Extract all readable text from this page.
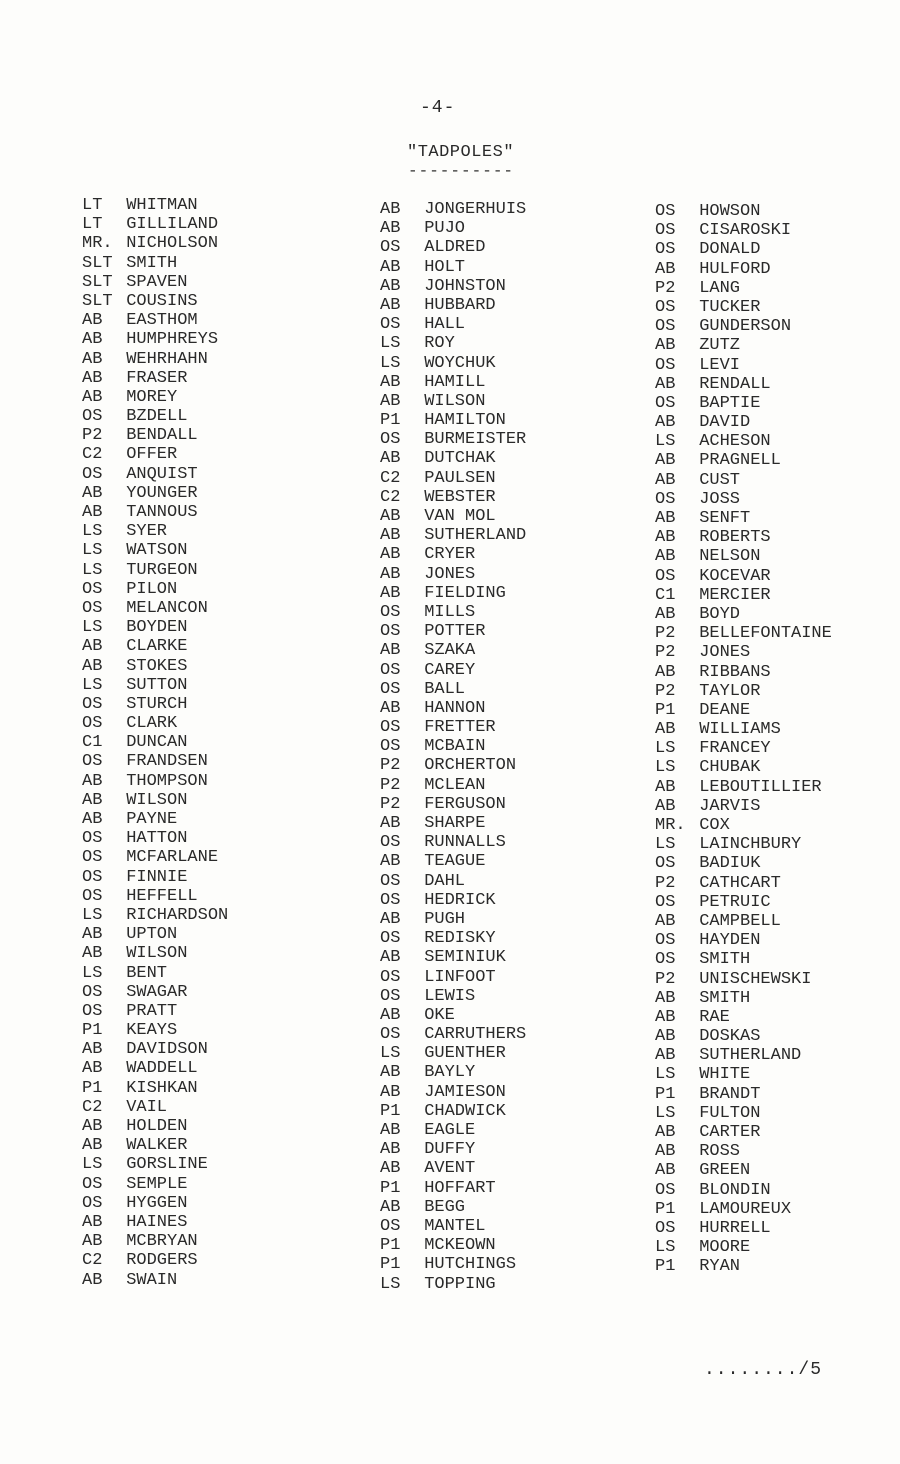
-4-
"TADPOLES"
----------
LT WHITMAN
LT GILLILAND
MR. NICHOLSON
SLT SMITH
SLT SPAVEN
SLT COUSINS
AB EASTHOM
AB HUMPHREYS
AB WEHRHAHN
AB FRASER
AB MOREY
OS BZDELL
P2 BENDALL
C2 OFFER
OS ANQUIST
AB YOUNGER
AB TANNOUS
LS SYER
LS WATSON
LS TURGEON
OS PILON
OS MELANCON
LS BOYDEN
AB CLARKE
AB STOKES
LS SUTTON
OS STURCH
OS CLARK
C1 DUNCAN
OS FRANDSEN
AB THOMPSON
AB WILSON
AB PAYNE
OS HATTON
OS MCFARLANE
OS FINNIE
OS HEFFELL
LS RICHARDSON
AB UPTON
AB WILSON
LS BENT
OS SWAGAR
OS PRATT
P1 KEAYS
AB DAVIDSON
AB WADDELL
P1 KISHKAN
C2 VAIL
AB HOLDEN
AB WALKER
LS GORSLINE
OS SEMPLE
OS HYGGEN
AB HAINES
AB MCBRYAN
C2 RODGERS
AB SWAIN
AB JONGERHUIS
AB PUJO
OS ALDRED
AB HOLT
AB JOHNSTON
AB HUBBARD
OS HALL
LS ROY
LS WOYCHUK
AB HAMILL
AB WILSON
P1 HAMILTON
OS BURMEISTER
AB DUTCHAK
C2 PAULSEN
C2 WEBSTER
AB VAN MOL
AB SUTHERLAND
AB CRYER
AB JONES
AB FIELDING
OS MILLS
OS POTTER
AB SZAKA
OS CAREY
OS BALL
AB HANNON
OS FRETTER
OS MCBAIN
P2 ORCHERTON
P2 MCLEAN
P2 FERGUSON
AB SHARPE
OS RUNNALLS
AB TEAGUE
OS DAHL
OS HEDRICK
AB PUGH
OS REDISKY
AB SEMINIUK
OS LINFOOT
OS LEWIS
AB OKE
OS CARRUTHERS
LS GUENTHER
AB BAYLY
AB JAMIESON
P1 CHADWICK
AB EAGLE
AB DUFFY
AB AVENT
P1 HOFFART
AB BEGG
OS MANTEL
P1 MCKEOWN
P1 HUTCHINGS
LS TOPPING
OS HOWSON
OS CISAROSKI
OS DONALD
AB HULFORD
P2 LANG
OS TUCKER
OS GUNDERSON
AB ZUTZ
OS LEVI
AB RENDALL
OS BAPTIE
AB DAVID
LS ACHESON
AB PRAGNELL
AB CUST
OS JOSS
AB SENFT
AB ROBERTS
AB NELSON
OS KOCEVAR
C1 MERCIER
AB BOYD
P2 BELLEFONTAINE
P2 JONES
AB RIBBANS
P2 TAYLOR
P1 DEANE
AB WILLIAMS
LS FRANCEY
LS CHUBAK
AB LEBOUTILLIER
AB JARVIS
MR. COX
LS LAINCHBURY
OS BADIUK
P2 CATHCART
OS PETRUIC
AB CAMPBELL
OS HAYDEN
OS SMITH
P2 UNISCHEWSKI
AB SMITH
AB RAE
AB DOSKAS
AB SUTHERLAND
LS WHITE
P1 BRANDT
LS FULTON
AB CARTER
AB ROSS
AB GREEN
OS BLONDIN
P1 LAMOUREUX
OS HURRELL
LS MOORE
P1 RYAN
......../5
